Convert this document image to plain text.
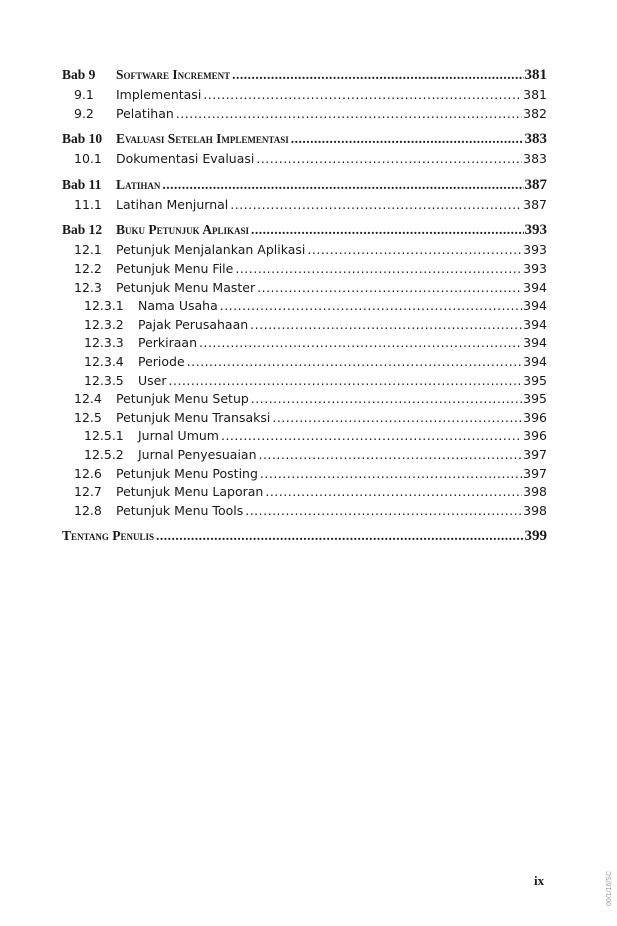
Bab 9	Software Increment .....	381
9.1	Implementasi .....	381
9.2	Pelatihan .....	382
Bab 10	Evaluasi Setelah Implementasi .....	383
10.1	Dokumentasi Evaluasi .....	383
Bab 11	Latihan .....	387
11.1	Latihan Menjurnal .....	387
Bab 12	Buku Petunjuk Aplikasi .....	393
12.1	Petunjuk Menjalankan Aplikasi .....	393
12.2	Petunjuk Menu File .....	393
12.3	Petunjuk Menu Master .....	394
12.3.1	Nama Usaha .....	394
12.3.2	Pajak Perusahaan .....	394
12.3.3	Perkiraan .....	394
12.3.4	Periode .....	394
12.3.5	User .....	395
12.4	Petunjuk Menu Setup .....	395
12.5	Petunjuk Menu Transaksi .....	396
12.5.1	Jurnal Umum .....	396
12.5.2	Jurnal Penyesuaian .....	397
12.6	Petunjuk Menu Posting .....	397
12.7	Petunjuk Menu Laporan .....	398
12.8	Petunjuk Menu Tools .....	398
Tentang Penulis .....	399
ix	00/1/16/SC
